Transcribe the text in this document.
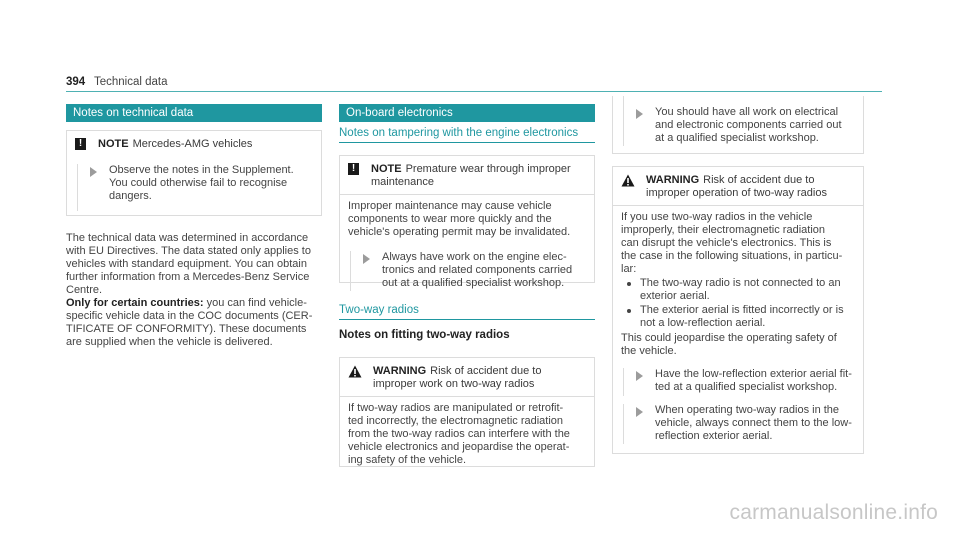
394 Technical data
Notes on technical data
!	NOTE Mercedes-AMG vehicles
Observe the notes in the Supplement.
You could otherwise fail to recognise
dangers.
The technical data was determined in accordance
with EU Directives. The data stated only applies to
vehicles with standard equipment. You can obtain
further information from a Mercedes-Benz Service
Centre.
Only for certain countries: you can find vehicle-
specific vehicle data in the COC documents (CER-
TIFICATE OF CONFORMITY). These documents
are supplied when the vehicle is delivered.
On-board electronics
Notes on tampering with the engine electronics
!	NOTE Premature wear through improper
maintenance
Improper maintenance may cause vehicle
components to wear more quickly and the
vehicle's operating permit may be invalidated.
Always have work on the engine elec-
tronics and related components carried
out at a qualified specialist workshop.
Two-way radios
Notes on fitting two-way radios
WARNING Risk of accident due to
improper work on two-way radios
If two-way radios are manipulated or retrofit-
ted incorrectly, the electromagnetic radiation
from the two-way radios can interfere with the
vehicle electronics and jeopardise the operat-
ing safety of the vehicle.
You should have all work on electrical
and electronic components carried out
at a qualified specialist workshop.
WARNING Risk of accident due to
improper operation of two-way radios
If you use two-way radios in the vehicle
improperly, their electromagnetic radiation
can disrupt the vehicle's electronics. This is
the case in the following situations, in particu-
lar:
The two-way radio is not connected to an
exterior aerial.
The exterior aerial is fitted incorrectly or is
not a low-reflection aerial.
This could jeopardise the operating safety of
the vehicle.
Have the low-reflection exterior aerial fit-
ted at a qualified specialist workshop.
When operating two-way radios in the
vehicle, always connect them to the low-
reflection exterior aerial.
carmanualsonline.info
